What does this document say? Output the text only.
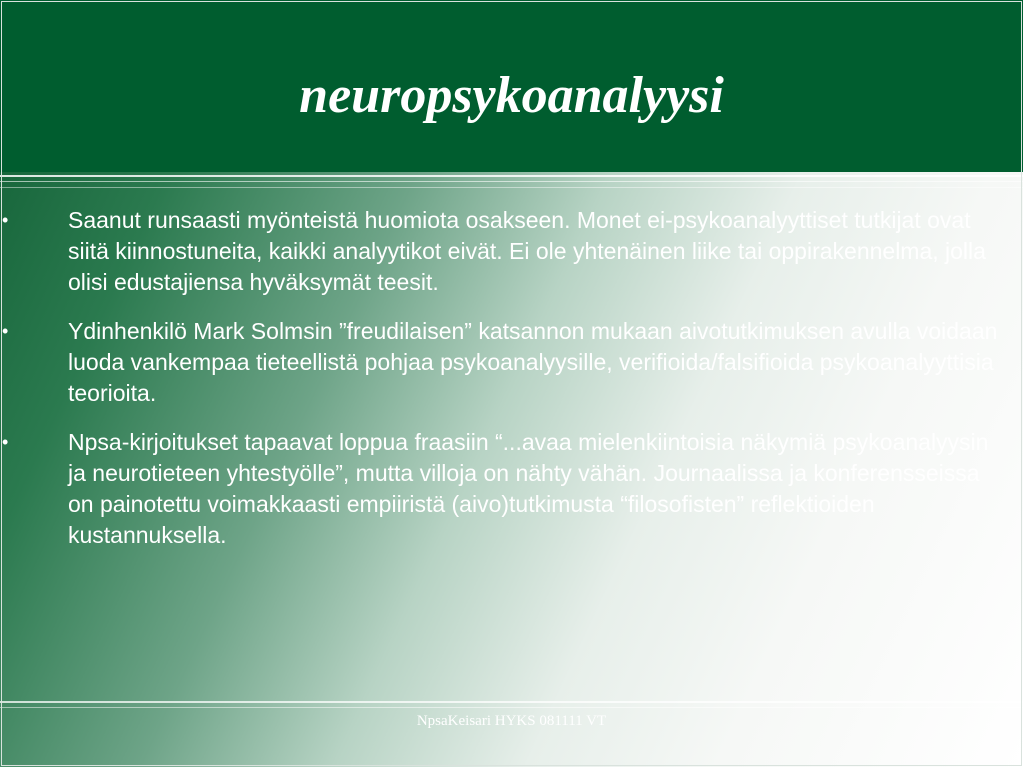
neuropsykoanalyysi
•	Saanut runsaasti myönteistä huomiota osakseen. Monet ei-psykoanalyyttiset tutkijat ovat siitä kiinnostuneita, kaikki analyytikot eivät. Ei ole yhtenäinen liike tai oppirakennelma, jolla olisi edustajiensa hyväksymät teesit.
•	Ydinhenkilö Mark Solmsin ”freudilaisen” katsannon mukaan aivotutkimuksen avulla voidaan luoda vankempaa tieteellistä pohjaa psykoanalyysille, verifioida/falsifioida psykoanalyyttisia teorioita.
•	Npsa-kirjoitukset tapaavat loppua fraasiin “...avaa mielenkiintoisia näkymiä psykoanalyysin ja neurotieteen yhtestyölle”, mutta villoja on nähty vähän. Journaalissa ja konferensseissa on painotettu voimakkaasti empiiristä (aivo)tutkimusta “filosofisten” reflektioiden kustannuksella.
NpsaKeisari HYKS 081111 VT
